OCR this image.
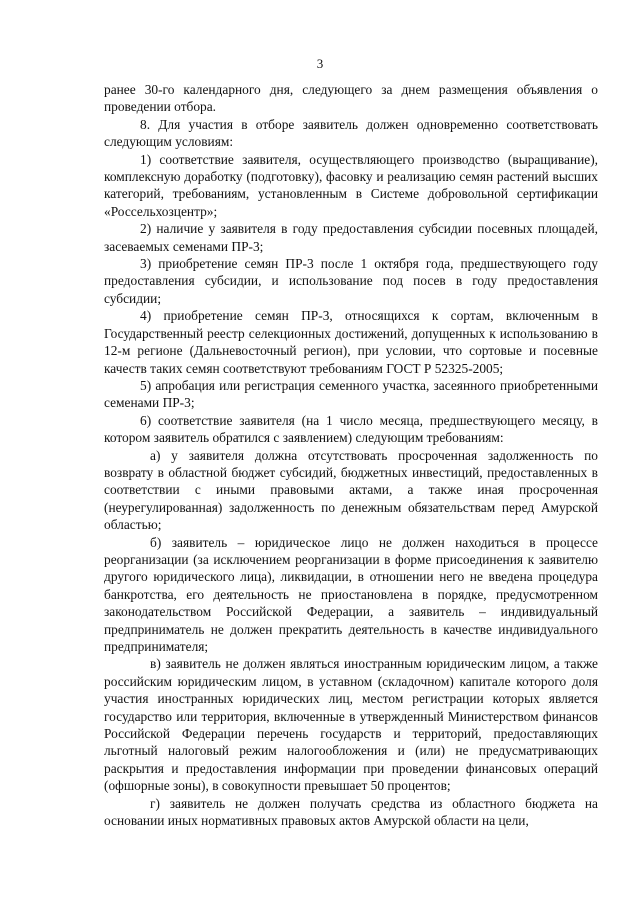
3

ранее 30-го календарного дня, следующего за днем размещения объявления о проведении отбора.

8. Для участия в отборе заявитель должен одновременно соответствовать следующим условиям:

1) соответствие заявителя, осуществляющего производство (выращивание), комплексную доработку (подготовку), фасовку и реализацию семян растений высших категорий, требованиям, установленным в Системе добровольной сертификации «Россельхозцентр»;

2) наличие у заявителя в году предоставления субсидии посевных площадей, засеваемых семенами ПР-3;

3) приобретение семян ПР-3 после 1 октября года, предшествующего году предоставления субсидии, и использование под посев в году предоставления субсидии;

4) приобретение семян ПР-3, относящихся к сортам, включенным в Государственный реестр селекционных достижений, допущенных к использованию в 12-м регионе (Дальневосточный регион), при условии, что сортовые и посевные качеств таких семян соответствуют требованиям ГОСТ Р 52325-2005;

5) апробация или регистрация семенного участка, засеянного приобретенными семенами ПР-3;

6) соответствие заявителя (на 1 число месяца, предшествующего месяцу, в котором заявитель обратился с заявлением) следующим требованиям:

а) у заявителя должна отсутствовать просроченная задолженность по возврату в областной бюджет субсидий, бюджетных инвестиций, предоставленных в соответствии с иными правовыми актами, а также иная просроченная (неурегулированная) задолженность по денежным обязательствам перед Амурской областью;

б) заявитель – юридическое лицо не должен находиться в процессе реорганизации (за исключением реорганизации в форме присоединения к заявителю другого юридического лица), ликвидации, в отношении него не введена процедура банкротства, его деятельность не приостановлена в порядке, предусмотренном законодательством Российской Федерации, а заявитель – индивидуальный предприниматель не должен прекратить деятельность в качестве индивидуального предпринимателя;

в) заявитель не должен являться иностранным юридическим лицом, а также российским юридическим лицом, в уставном (складочном) капитале которого доля участия иностранных юридических лиц, местом регистрации которых является государство или территория, включенные в утвержденный Министерством финансов Российской Федерации перечень государств и территорий, предоставляющих льготный налоговый режим налогообложения и (или) не предусматривающих раскрытия и предоставления информации при проведении финансовых операций (офшорные зоны), в совокупности превышает 50 процентов;

г) заявитель не должен получать средства из областного бюджета на основании иных нормативных правовых актов Амурской области на цели,
